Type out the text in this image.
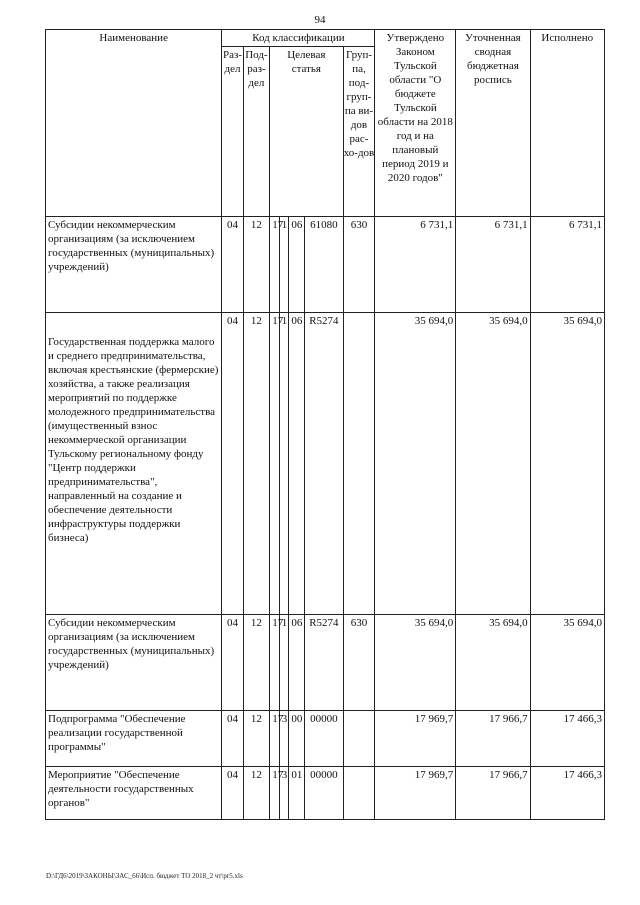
94
Наименование	Код классификации							Утверждено Законом Тульской области "О бюджете Тульской области на 2018 год и на плановый период 2019 и 2020 годов"	Уточненная сводная бюджетная роспись	Исполнено
	Раз-дел	Под-раз-дел	Целевая статья				Груп-па, под-груп-па ви-дов рас-хо-дов			
Субсидии некоммерческим организациям (за исключением государственных (муниципальных) учреждений)	04	12	17	1	06	61080	630	6 731,1	6 731,1	6 731,1
Государственная поддержка малого и среднего предпринимательства, включая крестьянские (фермерские) хозяйства, а также реализация мероприятий по поддержке молодежного предпринимательства (имущественный взнос некоммерческой организации Тульскому региональному фонду "Центр поддержки предпринимательства", направленный на создание и обеспечение деятельности инфраструктуры поддержки бизнеса)	04	12	17	1	06	R5274		35 694,0	35 694,0	35 694,0
Субсидии некоммерческим организациям (за исключением государственных (муниципальных) учреждений)	04	12	17	1	06	R5274	630	35 694,0	35 694,0	35 694,0
Подпрограмма "Обеспечение реализации государственной программы"	04	12	17	3	00	00000		17 969,7	17 966,7	17 466,3
Мероприятие "Обеспечение деятельности государственных органов"	04	12	17	3	01	00000		17 969,7	17 966,7	17 466,3
D:\ГД6\2019\ЗАКОНЫ\ЗАС_66\Исп. бюджет ТО 2018_2 чт\pr5.xls
